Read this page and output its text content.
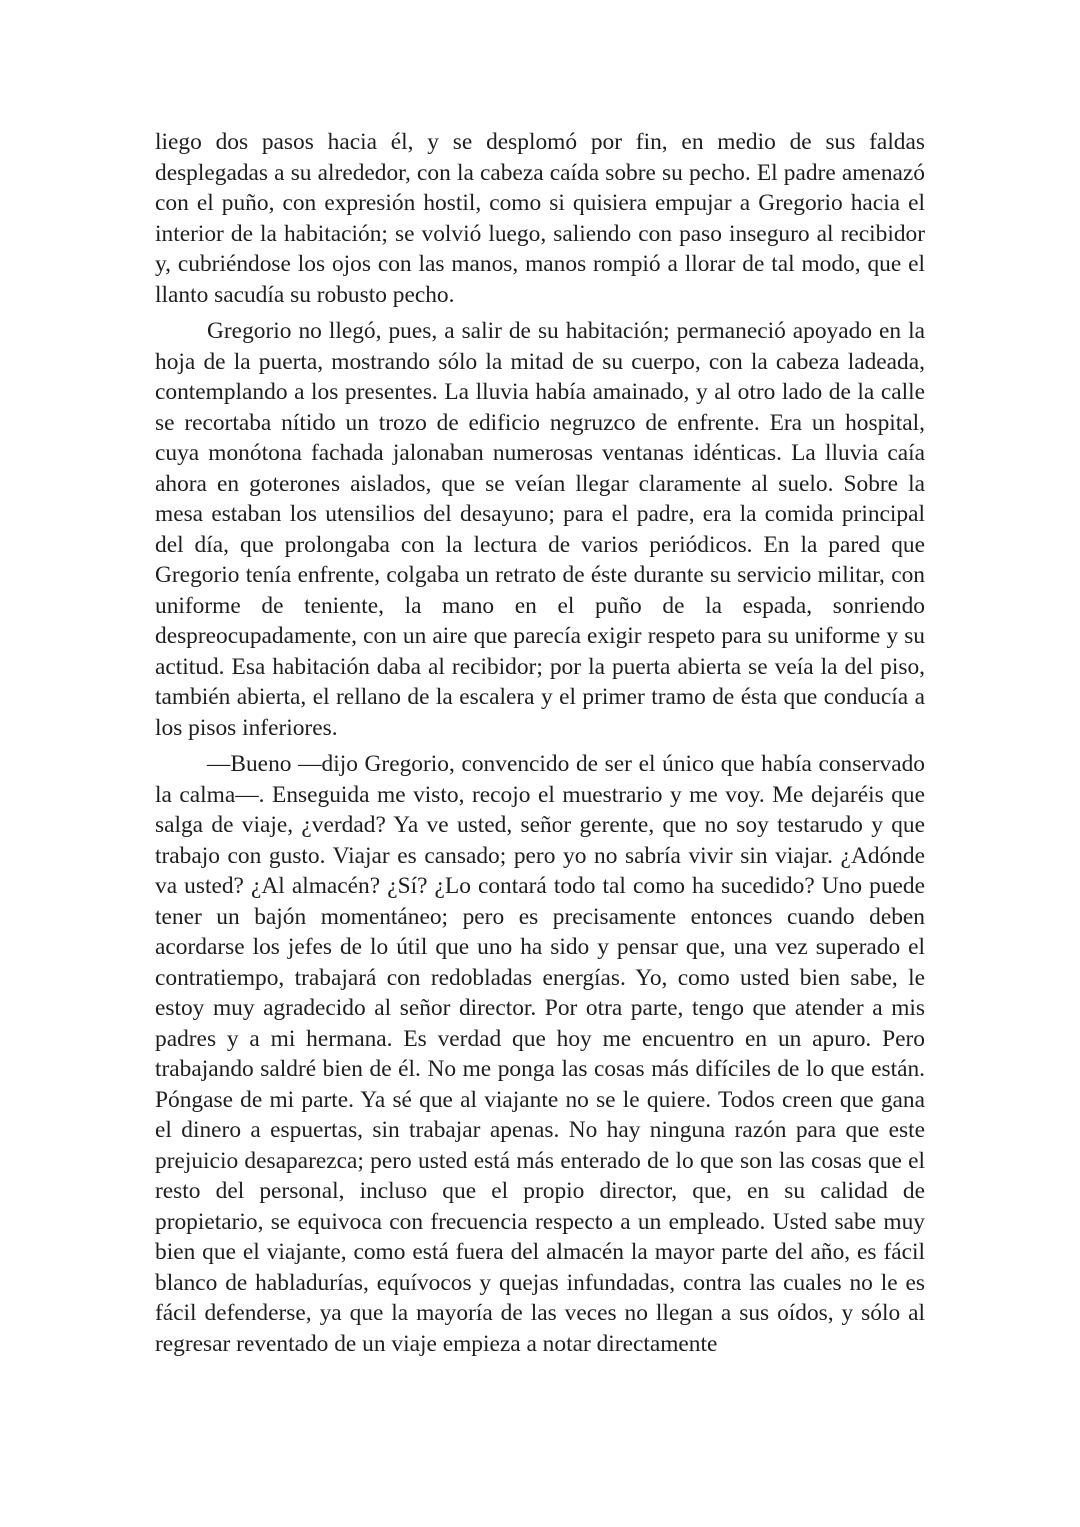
liego dos pasos hacia él, y se desplomó por fin, en medio de sus faldas desplegadas a su alrededor, con la cabeza caída sobre su pecho. El padre amenazó con el puño, con expresión hostil, como si quisiera empujar a Gregorio hacia el interior de la habitación; se volvió luego, saliendo con paso inseguro al recibidor y, cubriéndose los ojos con las manos, manos rompió a llorar de tal modo, que el llanto sacudía su robusto pecho.

Gregorio no llegó, pues, a salir de su habitación; permaneció apoyado en la hoja de la puerta, mostrando sólo la mitad de su cuerpo, con la cabeza ladeada, contemplando a los presentes. La lluvia había amainado, y al otro lado de la calle se recortaba nítido un trozo de edificio negruzco de enfrente. Era un hospital, cuya monótona fachada jalonaban numerosas ventanas idénticas. La lluvia caía ahora en goterones aislados, que se veían llegar claramente al suelo. Sobre la mesa estaban los utensilios del desayuno; para el padre, era la comida principal del día, que prolongaba con la lectura de varios periódicos. En la pared que Gregorio tenía enfrente, colgaba un retrato de éste durante su servicio militar, con uniforme de teniente, la mano en el puño de la espada, sonriendo despreocupadamente, con un aire que parecía exigir respeto para su uniforme y su actitud. Esa habitación daba al recibidor; por la puerta abierta se veía la del piso, también abierta, el rellano de la escalera y el primer tramo de ésta que conducía a los pisos inferiores.

—Bueno —dijo Gregorio, convencido de ser el único que había conservado la calma—. Enseguida me visto, recojo el muestrario y me voy. Me dejaréis que salga de viaje, ¿verdad? Ya ve usted, señor gerente, que no soy testarudo y que trabajo con gusto. Viajar es cansado; pero yo no sabría vivir sin viajar. ¿Adónde va usted? ¿Al almacén? ¿Sí? ¿Lo contará todo tal como ha sucedido? Uno puede tener un bajón momentáneo; pero es precisamente entonces cuando deben acordarse los jefes de lo útil que uno ha sido y pensar que, una vez superado el contratiempo, trabajará con redobladas energías. Yo, como usted bien sabe, le estoy muy agradecido al señor director. Por otra parte, tengo que atender a mis padres y a mi hermana. Es verdad que hoy me encuentro en un apuro. Pero trabajando saldré bien de él. No me ponga las cosas más difíciles de lo que están. Póngase de mi parte. Ya sé que al viajante no se le quiere. Todos creen que gana el dinero a espuertas, sin trabajar apenas. No hay ninguna razón para que este prejuicio desaparezca; pero usted está más enterado de lo que son las cosas que el resto del personal, incluso que el propio director, que, en su calidad de propietario, se equivoca con frecuencia respecto a un empleado. Usted sabe muy bien que el viajante, como está fuera del almacén la mayor parte del año, es fácil blanco de habladurías, equívocos y quejas infundadas, contra las cuales no le es fácil defenderse, ya que la mayoría de las veces no llegan a sus oídos, y sólo al regresar reventado de un viaje empieza a notar directamente
